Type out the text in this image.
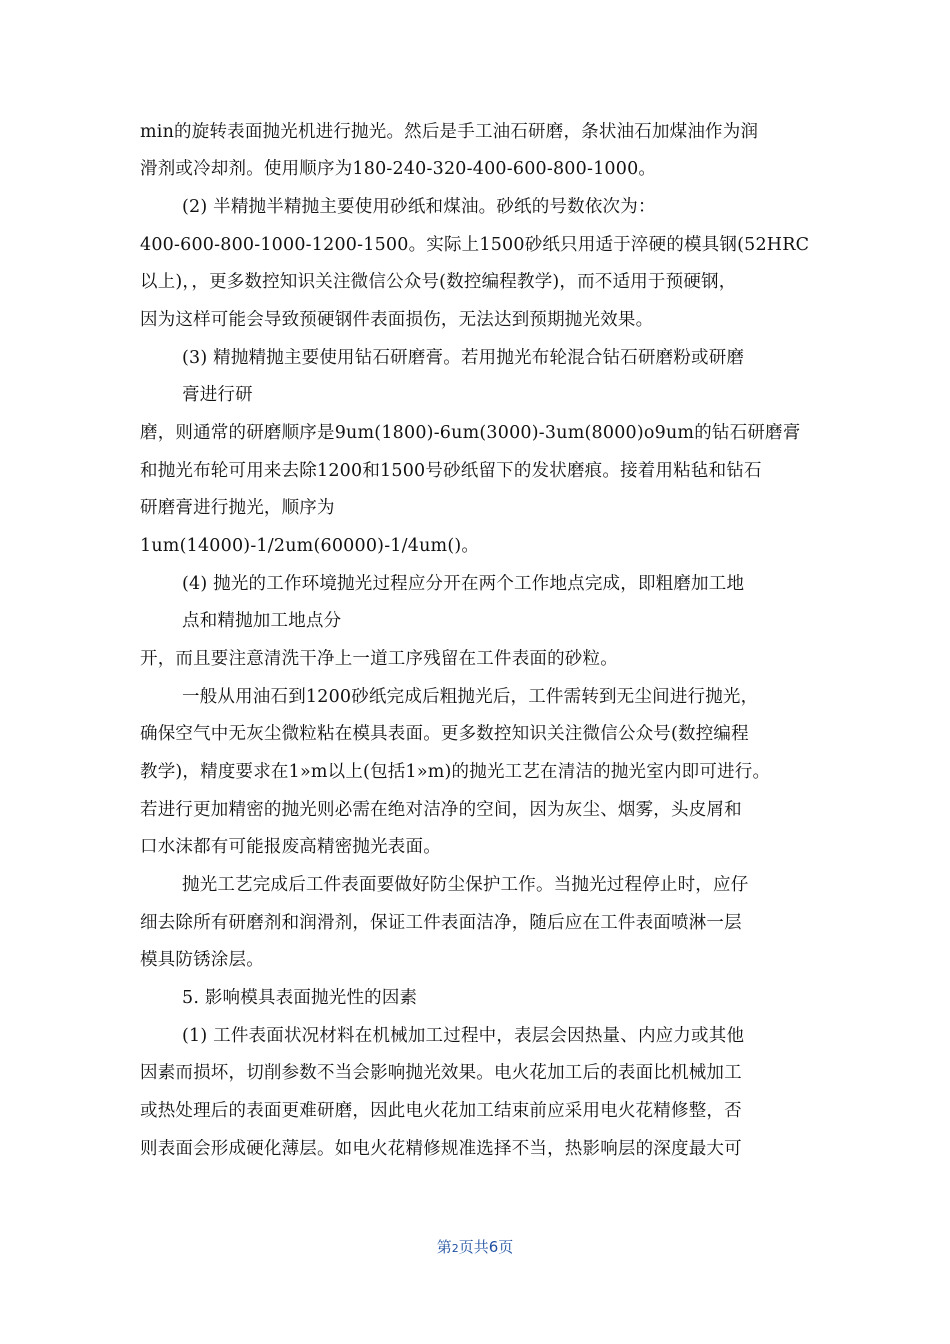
min的旋转表面抛光机进行抛光。然后是手工油石研磨，条状油石加煤油作为润
滑剂或冷却剂。使用顺序为180-240-320-400-600-800-1000。
(2) 半精抛半精抛主要使用砂纸和煤油。砂纸的号数依次为：
400-600-800-1000-1200-1500。实际上1500砂纸只用适于淬硬的模具钢(52HRC
以上)，，更多数控知识关注微信公众号(数控编程教学)，而不适用于预硬钢，
因为这样可能会导致预硬钢件表面损伤，无法达到预期抛光效果。
(3) 精抛精抛主要使用钻石研磨膏。若用抛光布轮混合钻石研磨粉或研磨
膏进行研
磨，则通常的研磨顺序是9um(1800)-6um(3000)-3um(8000)o9um的钻石研磨膏
和抛光布轮可用来去除1200和1500号砂纸留下的发状磨痕。接着用粘毡和钻石
研磨膏进行抛光，顺序为
1um(14000)-1/2um(60000)-1/4um()。
(4) 抛光的工作环境抛光过程应分开在两个工作地点完成，即粗磨加工地
点和精抛加工地点分
开，而且要注意清洗干净上一道工序残留在工件表面的砂粒。
一般从用油石到1200砂纸完成后粗抛光后，工件需转到无尘间进行抛光，
确保空气中无灰尘微粒粘在模具表面。更多数控知识关注微信公众号(数控编程
教学)，精度要求在1»m以上(包括1»m)的抛光工艺在清洁的抛光室内即可进行。
若进行更加精密的抛光则必需在绝对洁净的空间，因为灰尘、烟雾，头皮屑和
口水沫都有可能报废高精密抛光表面。
抛光工艺完成后工件表面要做好防尘保护工作。当抛光过程停止时，应仔
细去除所有研磨剂和润滑剂，保证工件表面洁净，随后应在工件表面喷淋一层
模具防锈涂层。
5. 影响模具表面抛光性的因素
(1) 工件表面状况材料在机械加工过程中，表层会因热量、内应力或其他
因素而损坏，切削参数不当会影响抛光效果。电火花加工后的表面比机械加工
或热处理后的表面更难研磨，因此电火花加工结束前应采用电火花精修整，否
则表面会形成硬化薄层。如电火花精修规准选择不当，热影响层的深度最大可
第2页共6页
